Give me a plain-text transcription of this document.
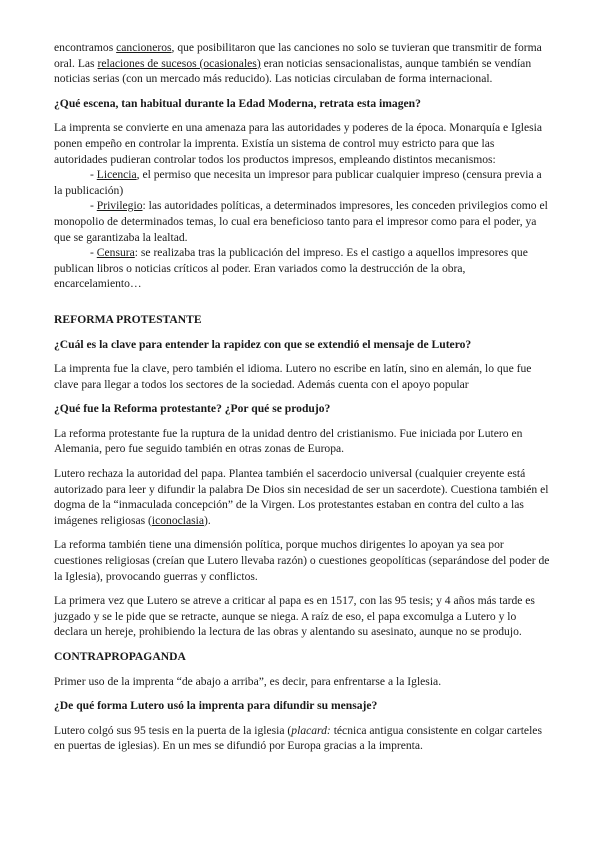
encontramos cancioneros, que posibilitaron que las canciones no solo se tuvieran que transmitir de forma oral. Las relaciones de sucesos (ocasionales) eran noticias sensacionalistas, aunque también se vendían noticias serias (con un mercado más reducido). Las noticias circulaban de forma internacional.

¿Qué escena, tan habitual durante la Edad Moderna, retrata esta imagen?

La imprenta se convierte en una amenaza para las autoridades y poderes de la época. Monarquía e Iglesia ponen empeño en controlar la imprenta. Existía un sistema de control muy estricto para que las autoridades pudieran controlar todos los productos impresos, empleando distintos mecanismos:

- Licencia, el permiso que necesita un impresor para publicar cualquier impreso (censura previa a la publicación)

- Privilegio: las autoridades políticas, a determinados impresores, les conceden privilegios como el monopolio de determinados temas, lo cual era beneficioso tanto para el impresor como para el poder, ya que se garantizaba la lealtad.

- Censura: se realizaba tras la publicación del impreso. Es el castigo a aquellos impresores que publican libros o noticias críticos al poder. Eran variados como la destrucción de la obra, encarcelamiento…

REFORMA PROTESTANTE
¿Cuál es la clave para entender la rapidez con que se extendió el mensaje de Lutero?

La imprenta fue la clave, pero también el idioma. Lutero no escribe en latín, sino en alemán, lo que fue clave para llegar a todos los sectores de la sociedad. Además cuenta con el apoyo popular

¿Qué fue la Reforma protestante? ¿Por qué se produjo?

La reforma protestante fue la ruptura de la unidad dentro del cristianismo. Fue iniciada por Lutero en Alemania, pero fue seguido también en otras zonas de Europa.

Lutero rechaza la autoridad del papa. Plantea también el sacerdocio universal (cualquier creyente está autorizado para leer y difundir la palabra De Dios sin necesidad de ser un sacerdote). Cuestiona también el dogma de la “inmaculada concepción” de la Virgen. Los protestantes estaban en contra del culto a las imágenes religiosas (iconoclasia).

La reforma también tiene una dimensión política, porque muchos dirigentes lo apoyan ya sea por cuestiones religiosas (creían que Lutero llevaba razón) o cuestiones geopolíticas (separándose del poder de la Iglesia), provocando guerras y conflictos.

La primera vez que Lutero se atreve a criticar al papa es en 1517, con las 95 tesis; y 4 años más tarde es juzgado y se le pide que se retracte, aunque se niega. A raíz de eso, el papa excomulga a Lutero y lo declara un hereje, prohibiendo la lectura de las obras y alentando su asesinato, aunque no se produjo.

CONTRAPROPAGANDA

Primer uso de la imprenta “de abajo a arriba”, es decir, para enfrentarse a la Iglesia.

¿De qué forma Lutero usó la imprenta para difundir su mensaje?

Lutero colgó sus 95 tesis en la puerta de la iglesia (placard: técnica antigua consistente en colgar carteles en puertas de iglesias). En un mes se difundió por Europa gracias a la imprenta.
